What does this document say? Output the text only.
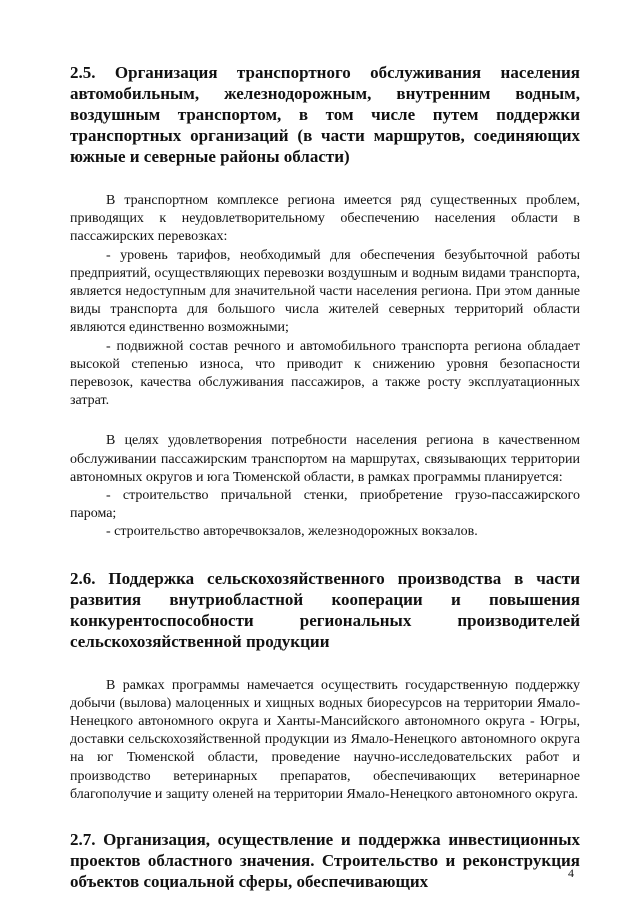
2.5. Организация транспортного обслуживания населения автомобильным, железнодорожным, внутренним водным, воздушным транспортом, в том числе путем поддержки транспортных организаций (в части маршрутов, соединяющих южные и северные районы области)

В транспортном комплексе региона имеется ряд существенных проблем, приводящих к неудовлетворительному обеспечению населения области в пассажирских перевозках:

- уровень тарифов, необходимый для обеспечения безубыточной работы предприятий, осуществляющих перевозки воздушным и водным видами транспорта, является недоступным для значительной части населения региона. При этом данные виды транспорта для большого числа жителей северных территорий области являются единственно возможными;

- подвижной состав речного и автомобильного транспорта региона обладает высокой степенью износа, что приводит к снижению уровня безопасности перевозок, качества обслуживания пассажиров, а также росту эксплуатационных затрат.

В целях удовлетворения потребности населения региона в качественном обслуживании пассажирским транспортом на маршрутах, связывающих территории автономных округов и юга Тюменской области, в рамках программы планируется:

- строительство причальной стенки, приобретение грузо-пассажирского парома;

- строительство автоpечвокзалов, железнодорожных вокзалов.

2.6. Поддержка сельскохозяйственного производства в части развития внутриобластной кооперации и повышения конкурентоспособности региональных производителей сельскохозяйственной продукции

В рамках программы намечается осуществить государственную поддержку добычи (вылова) малоценных и хищных водных биоресурсов на территории Ямало-Ненецкого автономного округа и Ханты-Мансийского автономного округа - Югры, доставки сельскохозяйственной продукции из Ямало-Ненецкого автономного округа на юг Тюменской области, проведение научно-исследовательских работ и производство ветеринарных препаратов, обеспечивающих ветеринарное благополучие и защиту оленей на территории Ямало-Ненецкого автономного округа.

2.7. Организация, осуществление и поддержка инвестиционных проектов областного значения. Строительство и реконструкция объектов социальной сферы, обеспечивающих	4
